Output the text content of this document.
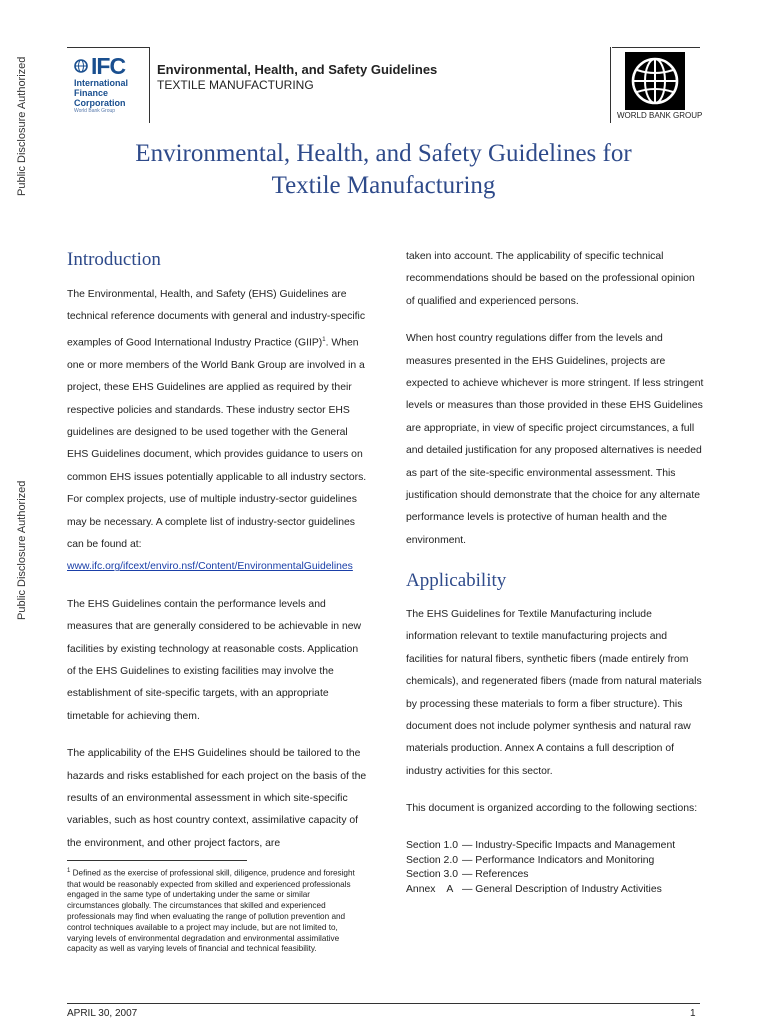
Public Disclosure Authorized
Public Disclosure Authorized
IFC
International
Finance
Corporation
World Bank Group
Environmental, Health, and Safety Guidelines
TEXTILE MANUFACTURING
WORLD BANK GROUP
Environmental, Health, and Safety Guidelines for
Textile Manufacturing
Introduction

The Environmental, Health, and Safety (EHS) Guidelines are technical reference documents with general and industry-specific examples of Good International Industry Practice (GIIP)$^1$. When one or more members of the World Bank Group are involved in a project, these EHS Guidelines are applied as required by their respective policies and standards. These industry sector EHS guidelines are designed to be used together with the General EHS Guidelines document, which provides guidance to users on common EHS issues potentially applicable to all industry sectors. For complex projects, use of multiple industry-sector guidelines may be necessary. A complete list of industry-sector guidelines can be found at:
www.ifc.org/ifcext/enviro.nsf/Content/EnvironmentalGuidelines

The EHS Guidelines contain the performance levels and measures that are generally considered to be achievable in new facilities by existing technology at reasonable costs. Application of the EHS Guidelines to existing facilities may involve the establishment of site-specific targets, with an appropriate timetable for achieving them.

The applicability of the EHS Guidelines should be tailored to the hazards and risks established for each project on the basis of the results of an environmental assessment in which site-specific variables, such as host country context, assimilative capacity of the environment, and other project factors, are

taken into account. The applicability of specific technical recommendations should be based on the professional opinion of qualified and experienced persons.

When host country regulations differ from the levels and measures presented in the EHS Guidelines, projects are expected to achieve whichever is more stringent. If less stringent levels or measures than those provided in these EHS Guidelines are appropriate, in view of specific project circumstances, a full and detailed justification for any proposed alternatives is needed as part of the site-specific environmental assessment. This justification should demonstrate that the choice for any alternate performance levels is protective of human health and the environment.

Applicability

The EHS Guidelines for Textile Manufacturing include information relevant to textile manufacturing projects and facilities for natural fibers, synthetic fibers (made entirely from chemicals), and regenerated fibers (made from natural materials by processing these materials to form a fiber structure). This document does not include polymer synthesis and natural raw materials production. Annex A contains a full description of industry activities for this sector.

This document is organized according to the following sections:

Section 1.0 — Industry-Specific Impacts and Management
Section 2.0 — Performance Indicators and Monitoring
Section 3.0 — References
Annex    A — General Description of Industry Activities

$^1$ Defined as the exercise of professional skill, diligence, prudence and foresight that would be reasonably expected from skilled and experienced professionals engaged in the same type of undertaking under the same or similar circumstances globally. The circumstances that skilled and experienced professionals may find when evaluating the range of pollution prevention and control techniques available to a project may include, but are not limited to, varying levels of environmental degradation and environmental assimilative capacity as well as varying levels of financial and technical feasibility.

APRIL 30, 2007	1
